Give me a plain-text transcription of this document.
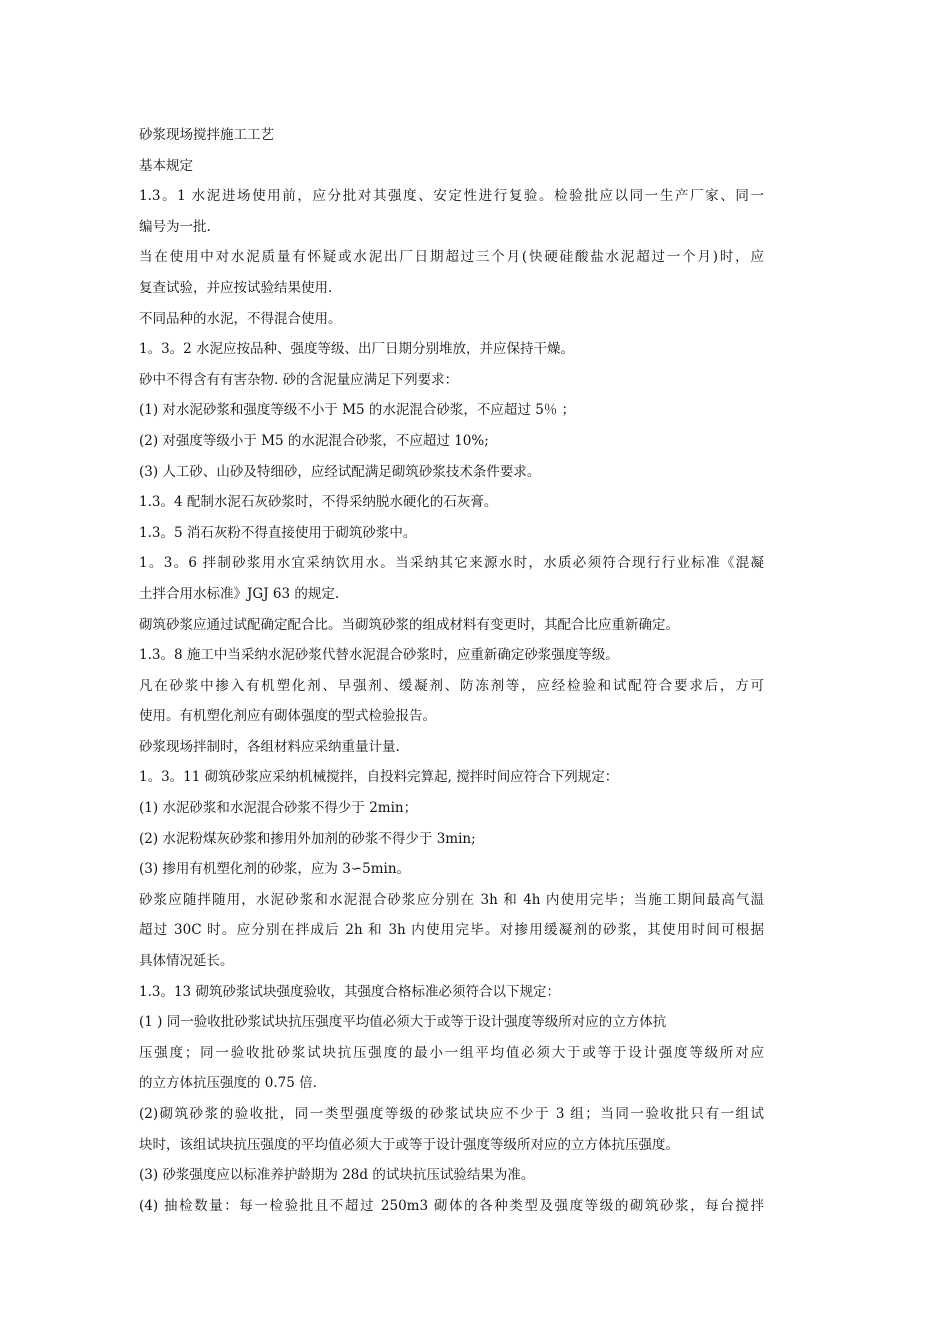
砂浆现场搅拌施工工艺
基本规定
1.3。1 水泥进场使用前，应分批对其强度、安定性进行复验。检验批应以同一生产厂家、同一
编号为一批.
当在使用中对水泥质量有怀疑或水泥出厂日期超过三个月(快硬硅酸盐水泥超过一个月)时，应
复查试验，并应按试验结果使用.
不同品种的水泥，不得混合使用。
1。3。2 水泥应按品种、强度等级、出厂日期分别堆放，并应保持干燥。
砂中不得含有有害杂物. 砂的含泥量应满足下列要求：
(1) 对水泥砂浆和强度等级不小于 M5 的水泥混合砂浆，不应超过 5％ ；
(2) 对强度等级小于 M5 的水泥混合砂浆，不应超过 10%;
(3) 人工砂、山砂及特细砂，应经试配满足砌筑砂浆技术条件要求。
1.3。4 配制水泥石灰砂浆时，不得采纳脱水硬化的石灰膏。
1.3。5 消石灰粉不得直接使用于砌筑砂浆中。
1。3。6 拌制砂浆用水宜采纳饮用水。当采纳其它来源水时，水质必须符合现行行业标准《混凝
土拌合用水标准》JGJ 63 的规定.
砌筑砂浆应通过试配确定配合比。当砌筑砂浆的组成材料有变更时，其配合比应重新确定。
1.3。8 施工中当采纳水泥砂浆代替水泥混合砂浆时，应重新确定砂浆强度等级。
凡在砂浆中掺入有机塑化剂、早强剂、缓凝剂、防冻剂等，应经检验和试配符合要求后，方可
使用。有机塑化剂应有砌体强度的型式检验报告。
砂浆现场拌制时，各组材料应采纳重量计量.
1。3。11 砌筑砂浆应采纳机械搅拌，自投料完算起, 搅拌时间应符合下列规定：
(1) 水泥砂浆和水泥混合砂浆不得少于 2min；
(2) 水泥粉煤灰砂浆和掺用外加剂的砂浆不得少于 3min;
(3) 掺用有机塑化剂的砂浆，应为 3∽5min。
砂浆应随拌随用，水泥砂浆和水泥混合砂浆应分别在 3h 和 4h 内使用完毕；当施工期间最高气温
超过 30C 时。应分别在拌成后 2h 和 3h 内使用完毕。对掺用缓凝剂的砂浆，其使用时间可根据
具体情况延长。
1.3。13 砌筑砂浆试块强度验收，其强度合格标准必须符合以下规定：
(1 ) 同一验收批砂浆试块抗压强度平均值必须大于或等于设计强度等级所对应的立方体抗
压强度；同一验收批砂浆试块抗压强度的最小一组平均值必须大于或等于设计强度等级所对应
的立方体抗压强度的 0.75 倍.
(2)砌筑砂浆的验收批，同一类型强度等级的砂浆试块应不少于 3 组；当同一验收批只有一组试
块时，该组试块抗压强度的平均值必须大于或等于设计强度等级所对应的立方体抗压强度。
(3) 砂浆强度应以标准养护龄期为 28d 的试块抗压试验结果为准。
(4) 抽检数量：每一检验批且不超过 250m3 砌体的各种类型及强度等级的砌筑砂浆，每台搅拌
